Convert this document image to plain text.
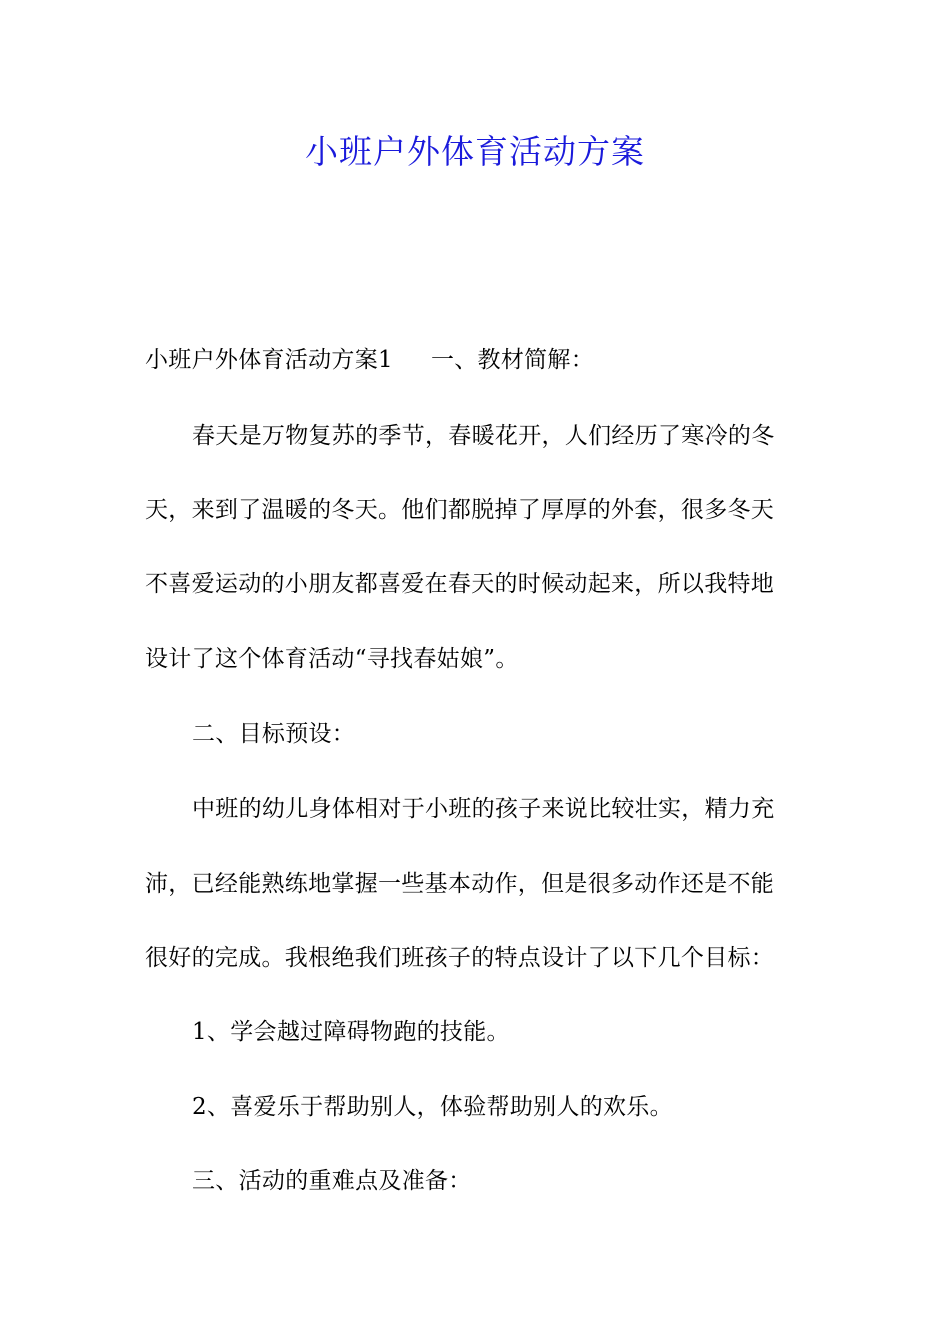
小班户外体育活动方案
小班户外体育活动方案1 一、教材简解：
春天是万物复苏的季节，春暖花开，人们经历了寒冷的冬
天，来到了温暖的冬天。他们都脱掉了厚厚的外套，很多冬天
不喜爱运动的小朋友都喜爱在春天的时候动起来，所以我特地
设计了这个体育活动“寻找春姑娘”。
二、目标预设：
中班的幼儿身体相对于小班的孩子来说比较壮实，精力充
沛，已经能熟练地掌握一些基本动作，但是很多动作还是不能
很好的完成。我根绝我们班孩子的特点设计了以下几个目标：
1、学会越过障碍物跑的技能。
2、喜爱乐于帮助别人，体验帮助别人的欢乐。
三、活动的重难点及准备：
